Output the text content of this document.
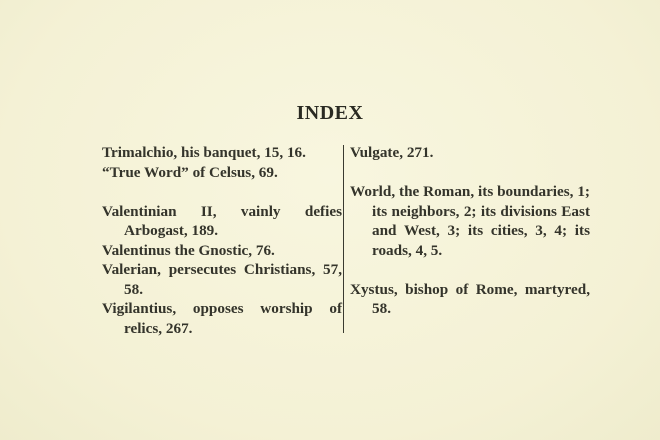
INDEX
Trimalchio, his banquet, 15, 16.
“True Word” of Celsus, 69.
Valentinian II, vainly defies Arbogast, 189.
Valentinus the Gnostic, 76.
Valerian, persecutes Christians, 57, 58.
Vigilantius, opposes worship of relics, 267.
Vulgate, 271.
World, the Roman, its boundaries, 1; its neighbors, 2; its divisions East and West, 3; its cities, 3, 4; its roads, 4, 5.
Xystus, bishop of Rome, martyred, 58.
